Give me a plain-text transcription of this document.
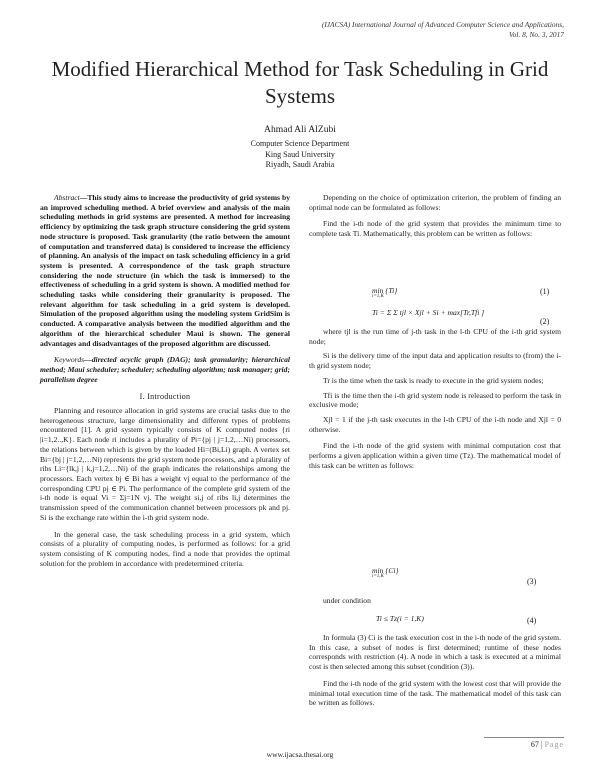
(IJACSA) International Journal of Advanced Computer Science and Applications,
Vol. 8, No. 3, 2017
Modified Hierarchical Method for Task Scheduling in Grid Systems
Ahmad Ali AlZubi
Computer Science Department
King Saud University
Riyadh, Saudi Arabia

Abstract—This study aims to increase the productivity of grid systems by an improved scheduling method. A brief overview and analysis of the main scheduling methods in grid systems are presented. A method for increasing efficiency by optimizing the task graph structure considering the grid system node structure is proposed. Task granularity (the ratio between the amount of computation and transferred data) is considered to increase the efficiency of planning. An analysis of the impact on task scheduling efficiency in a grid system is presented. A correspondence of the task graph structure considering the node structure (in which the task is immersed) to the effectiveness of scheduling in a grid system is shown. A modified method for scheduling tasks while considering their granularity is proposed. The relevant algorithm for task scheduling in a grid system is developed. Simulation of the proposed algorithm using the modeling system GridSim is conducted. A comparative analysis between the modified algorithm and the algorithm of the hierarchical scheduler Maui is shown. The general advantages and disadvantages of the proposed algorithm are discussed.

Keywords—directed acyclic graph (DAG); task granularity; hierarchical method; Maui scheduler; scheduler; scheduling algorithm; task manager; grid; parallelism degree

I. Introduction

Planning and resource allocation in grid systems are crucial tasks due to the heterogeneous structure, large dimensionality and different types of problems encountered [1]. A grid system typically consists of K computed nodes {ri |i=1,2..,K}. Each node ri includes a plurality of Pi={pj | j=1,2,…Ni) processors, the relations between which is given by the loaded Hi=(Bi,Li) graph. A vertex set Bi={bj | j=1,2,…Ni) represents the grid system node processors, and a plurality of ribs Li={lk,j | k,j=1,2,…Ni) of the graph indicates the relationships among the processors. Each vertex bj ∈ Bi has a weight vj equal to the performance of the corresponding CPU pj ∈ Pi. The performance of the complete grid system of the i-th node is equal Vi = Σj=1N vj. The weight si,j of ribs li,j determines the transmission speed of the communication channel between processors pk and pj. Si is the exchange rate within the i-th grid system node.

In the general case, the task scheduling process in a grid system, which consists of a plurality of computing nodes, is performed as follows: for a grid system consisting of K computing nodes, find a node that provides the optimal solution for the problem in accordance with predetermined criteria.

Depending on the choice of optimization criterion, the problem of finding an optimal node can be formulated as follows:

Find the i-th node of the grid system that provides the minimum time to complete task Ti. Mathematically, this problem can be written as follows:

min {Ti}
i=1,K
(1)
Ti = Σ Σ tjl × Xjl + Si + max[Tr,Tfi ]
(2)

where tjl is the run time of j-th task in the l-th CPU of the i-th grid system node;

Si is the delivery time of the input data and application results to (from) the i-th grid system node;

Tr is the time when the task is ready to execute in the grid system nodes;

Tfi is the time then the i-th grid system node is released to perform the task in exclusive mode;

Xjl = 1 if the j-th task executes in the l-th CPU of the i-th node and Xjl = 0 otherwise.

Find the i-th node of the grid system with minimal computation cost that performs a given application within a given time (Tz). The mathematical model of this task can be written as follows:

min {Ci}
i=1,K
(3)

under condition

Ti ≤ Tz(i = 1,K)	(4)

In formula (3) Ci is the task execution cost in the i-th node of the grid system. In this case, a subset of nodes is first determined; runtime of these nodes corresponds with restriction (4). A node in which a task is executed at a minimal cost is then selected among this subset (condition (3)).

Find the i-th node of the grid system with the lowest cost that will provide the minimal total execution time of the task. The mathematical model of this task can be written as follows.

67 | Page
www.ijacsa.thesai.org
